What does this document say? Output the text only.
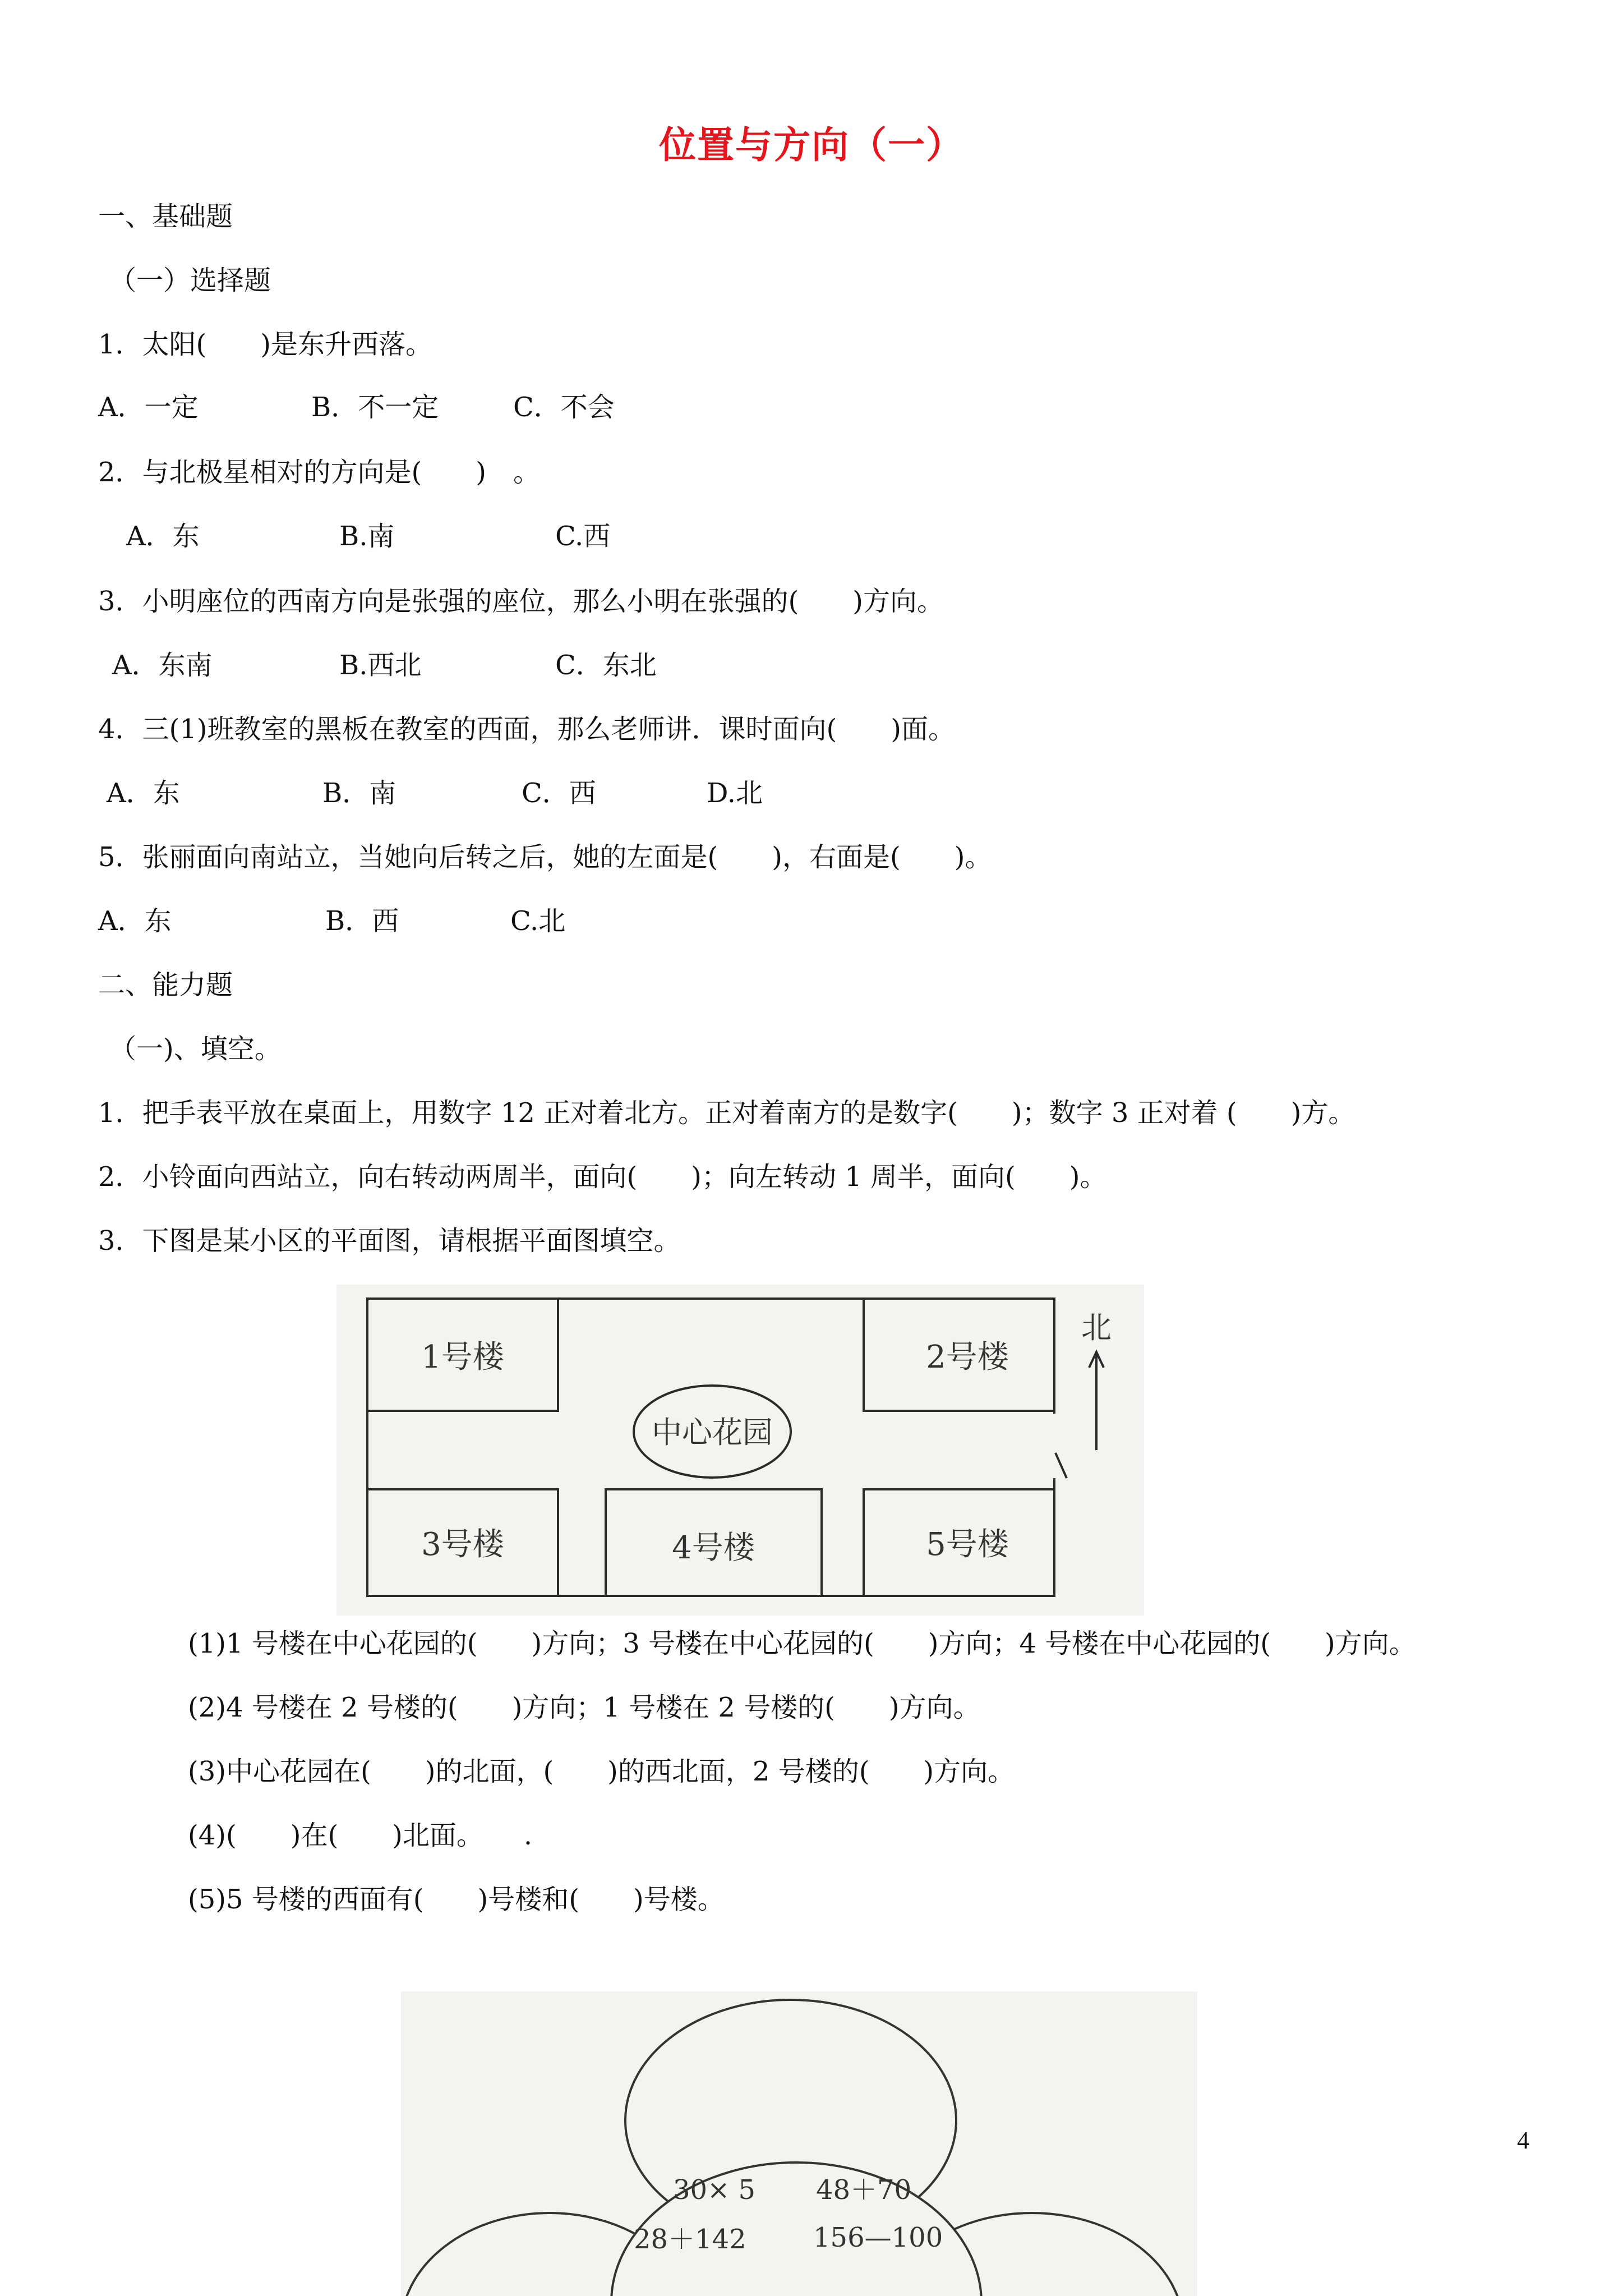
位置与方向（一）
一、基础题
（一）选择题
1．太阳(　　)是东升西落。
A．一定	B．不一定	C．不会
2．与北极星相对的方向是(　　)　。
A．东	B.南	C.西
3．小明座位的西南方向是张强的座位，那么小明在张强的(　　)方向。
A．东南	B.西北	C．东北
4．三(1)班教室的黑板在教室的西面，那么老师讲．课时面向(　　)面。
A．东	B．南	C．西	D.北
5．张丽面向南站立，当她向后转之后，她的左面是(　　)，右面是(　　)。
A．东	B．西	C.北
二、能力题
（一)、填空。
1．把手表平放在桌面上，用数字 12 正对着北方。正对着南方的是数字(　　)；数字 3 正对着 (　　)方。
2．小铃面向西站立，向右转动两周半，面向(　　)；向左转动 1 周半，面向(　　)。
3．下图是某小区的平面图，请根据平面图填空。
1号楼	2号楼
3号楼	4号楼	5号楼
中心花园
北
(1)1 号楼在中心花园的(　　)方向；3 号楼在中心花园的(　　)方向；4 号楼在中心花园的(　　)方向。
(2)4 号楼在 2 号楼的(　　)方向；1 号楼在 2 号楼的(　　)方向。
(3)中心花园在(　　)的北面，(　　)的西北面，2 号楼的(　　)方向。
(4)(　　)在(　　)北面。　　.
(5)5 号楼的西面有(　　)号楼和(　　)号楼。
30× 5 48＋70
28＋142 156—100
4
